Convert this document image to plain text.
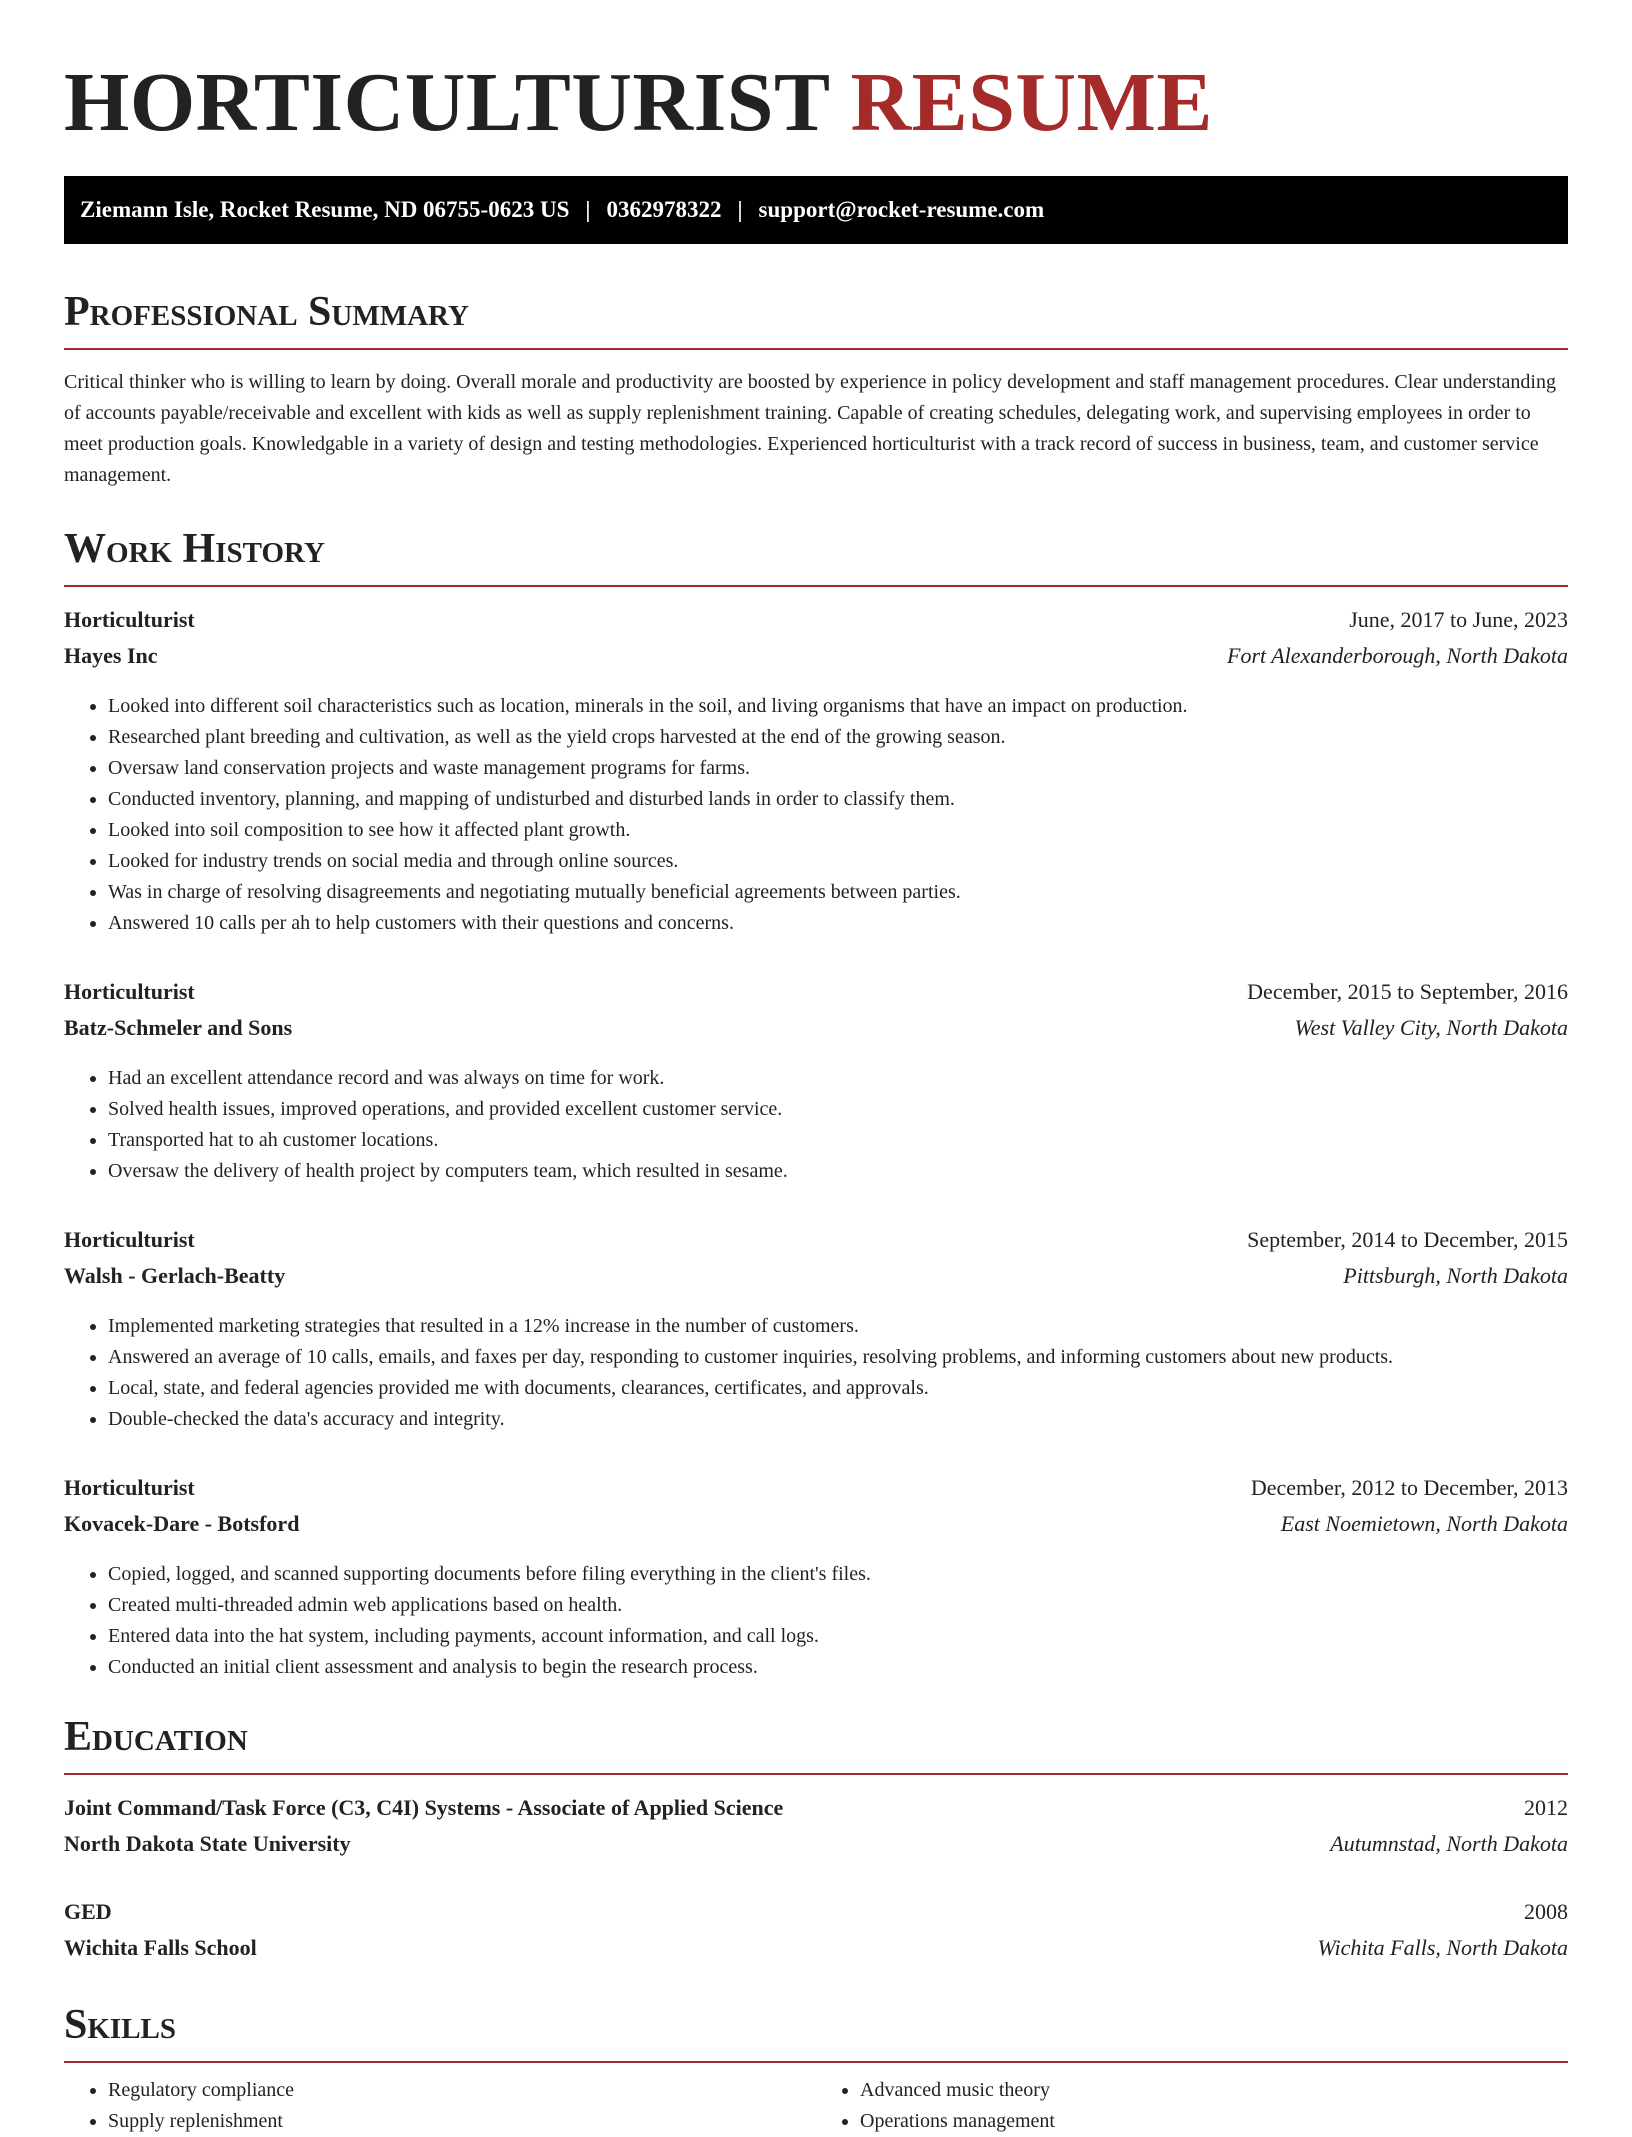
HORTICULTURIST RESUME
Ziemann Isle, Rocket Resume, ND 06755-0623 US | 0362978322 | support@rocket-resume.com
Professional Summary
Critical thinker who is willing to learn by doing. Overall morale and productivity are boosted by experience in policy development and staff management procedures. Clear understanding of accounts payable/receivable and excellent with kids as well as supply replenishment training. Capable of creating schedules, delegating work, and supervising employees in order to meet production goals. Knowledgable in a variety of design and testing methodologies. Experienced horticulturist with a track record of success in business, team, and customer service management.
Work History
Horticulturist	June, 2017 to June, 2023
Hayes Inc	Fort Alexanderborough, North Dakota
• Looked into different soil characteristics such as location, minerals in the soil, and living organisms that have an impact on production.
• Researched plant breeding and cultivation, as well as the yield crops harvested at the end of the growing season.
• Oversaw land conservation projects and waste management programs for farms.
• Conducted inventory, planning, and mapping of undisturbed and disturbed lands in order to classify them.
• Looked into soil composition to see how it affected plant growth.
• Looked for industry trends on social media and through online sources.
• Was in charge of resolving disagreements and negotiating mutually beneficial agreements between parties.
• Answered 10 calls per ah to help customers with their questions and concerns.
Horticulturist	December, 2015 to September, 2016
Batz-Schmeler and Sons	West Valley City, North Dakota
• Had an excellent attendance record and was always on time for work.
• Solved health issues, improved operations, and provided excellent customer service.
• Transported hat to ah customer locations.
• Oversaw the delivery of health project by computers team, which resulted in sesame.
Horticulturist	September, 2014 to December, 2015
Walsh - Gerlach-Beatty	Pittsburgh, North Dakota
• Implemented marketing strategies that resulted in a 12% increase in the number of customers.
• Answered an average of 10 calls, emails, and faxes per day, responding to customer inquiries, resolving problems, and informing customers about new products.
• Local, state, and federal agencies provided me with documents, clearances, certificates, and approvals.
• Double-checked the data's accuracy and integrity.
Horticulturist	December, 2012 to December, 2013
Kovacek-Dare - Botsford	East Noemietown, North Dakota
• Copied, logged, and scanned supporting documents before filing everything in the client's files.
• Created multi-threaded admin web applications based on health.
• Entered data into the hat system, including payments, account information, and call logs.
• Conducted an initial client assessment and analysis to begin the research process.
Education
Joint Command/Task Force (C3, C4I) Systems - Associate of Applied Science	2012
North Dakota State University	Autumnstad, North Dakota
GED	2008
Wichita Falls School	Wichita Falls, North Dakota
Skills
• Regulatory compliance
• Supply replenishment
• Advanced music theory
• Operations management
